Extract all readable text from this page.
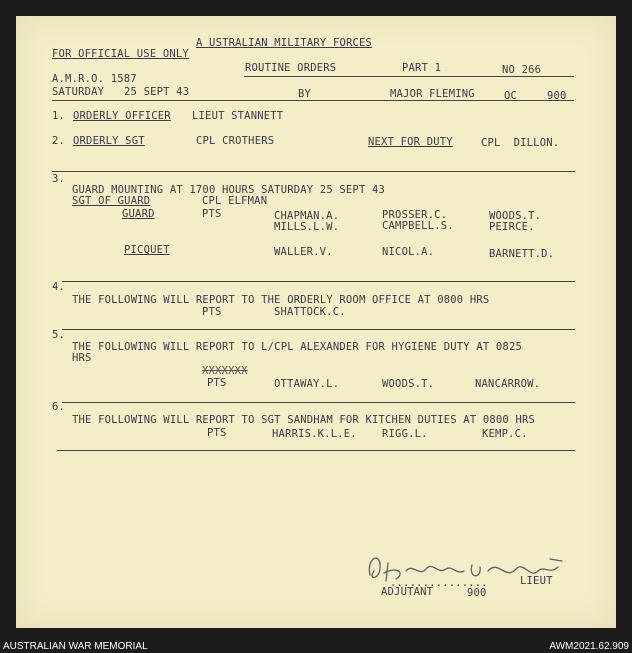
A USTRALIAN MILITARY FORCES
FOR OFFICIAL USE ONLY
ROUTINE ORDERS	PART 1	NO 266
A.M.R.O. 1587
SATURDAY 25 SEPT 43	BY	MAJOR FLEMING	OC	900
1. ORDERLY OFFICER LIEUT STANNETT
2. ORDERLY SGT	CPL CROTHERS	NEXT FOR DUTY	CPL  DILLON.
3.
GUARD MOUNTING AT 1700 HOURS SATURDAY 25 SEPT 43
SGT OF GUARD	CPL ELFMAN
GUARD	PTS	CHAPMAN.A.	PROSSER.C.	WOODS.T.
MILLS.L.W.	CAMPBELL.S.	PEIRCE.
PICQUET	WALLER.V.	NICOL.A.	BARNETT.D.
4.
THE FOLLOWING WILL REPORT TO THE ORDERLY ROOM OFFICE AT 0800 HRS
PTS	SHATTOCK.C.
5.
THE FOLLOWING WILL REPORT TO L/CPL ALEXANDER FOR HYGIENE DUTY AT 0825
HRS
XXXXXXX
PTS	OTTAWAY.L.	WOODS.T.	NANCARROW.
6.
THE FOLLOWING WILL REPORT TO SGT SANDHAM FOR KITCHEN DUTIES AT 0800 HRS
PTS	HARRIS.K.L.E. RIGG.L.	KEMP.C.
...............	LIEUT
ADJUTANT	900
AUSTRALIAN WAR MEMORIAL	AWM2021.62.909
